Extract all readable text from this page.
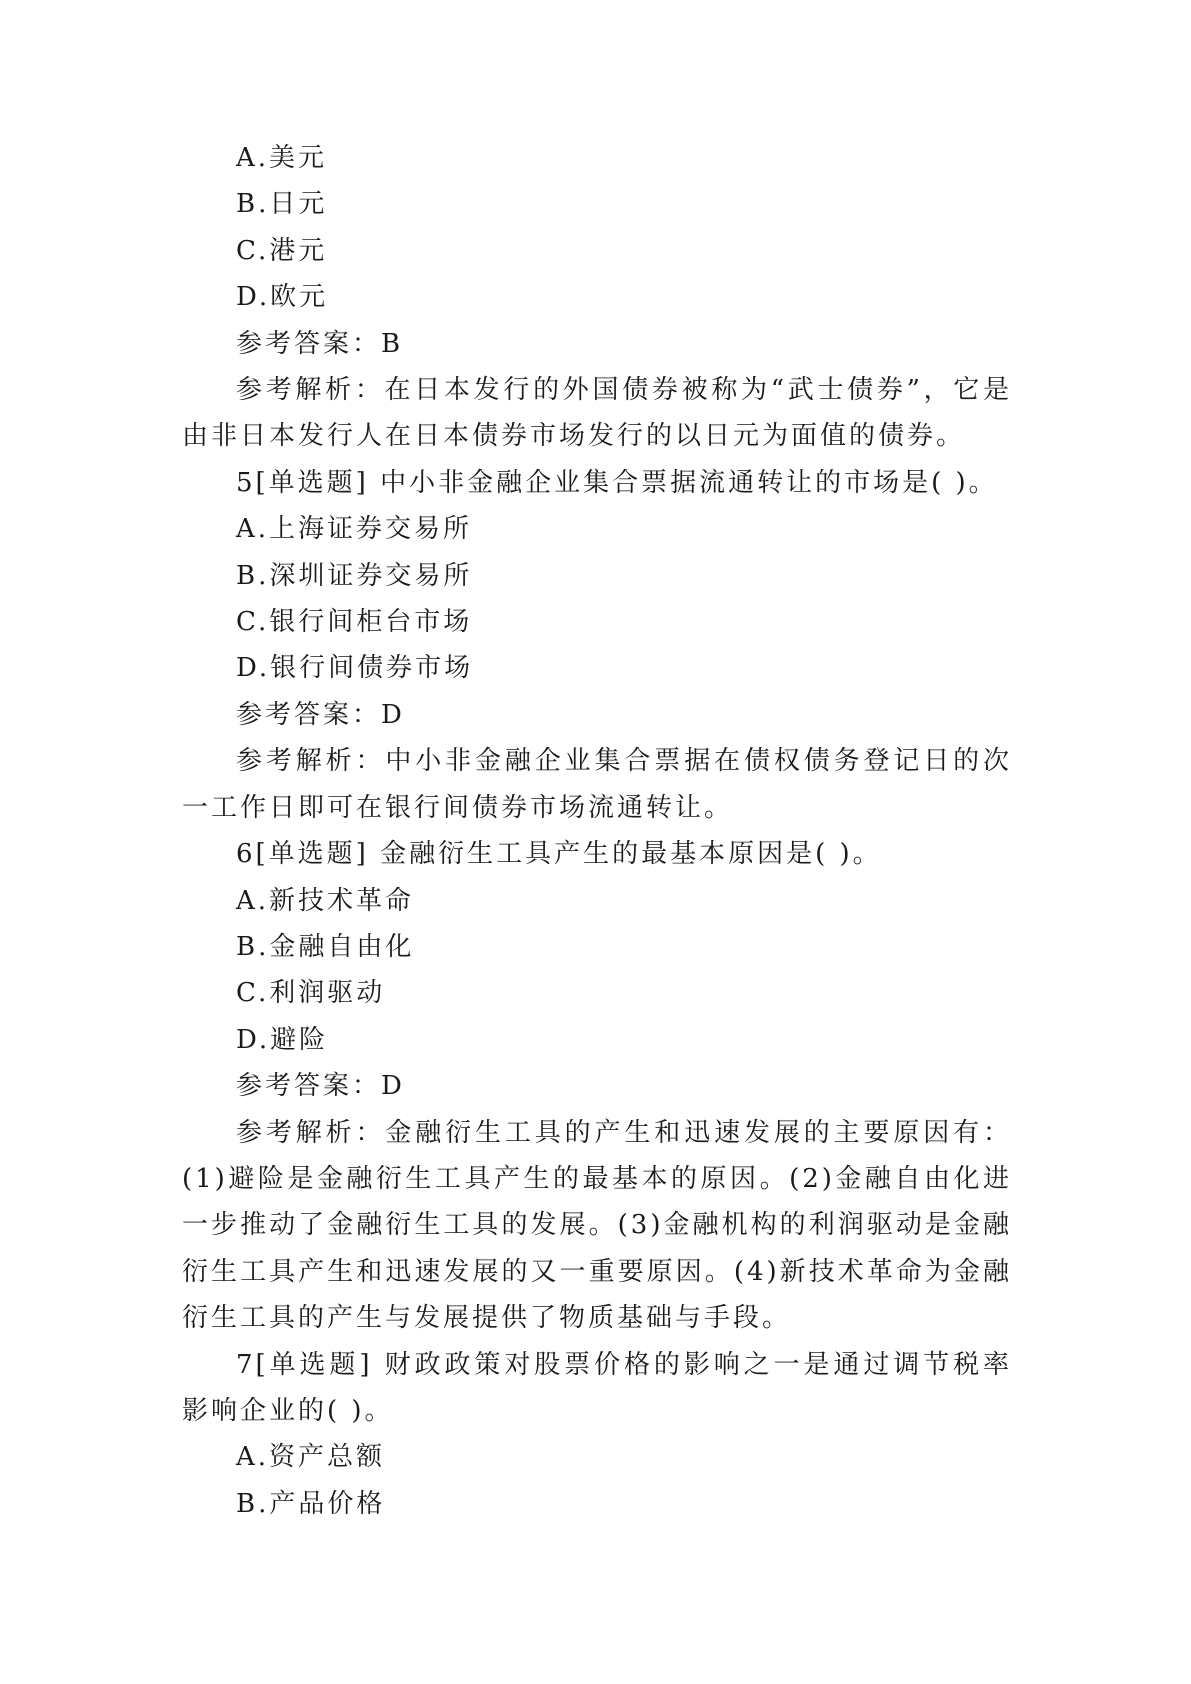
A.美元

B.日元

C.港元

D.欧元

参考答案：B

参考解析：在日本发行的外国债券被称为“武士债券”，它是由非日本发行人在日本债券市场发行的以日元为面值的债券。

5[单选题] 中小非金融企业集合票据流通转让的市场是( )。

A.上海证券交易所

B.深圳证券交易所

C.银行间柜台市场

D.银行间债券市场

参考答案：D

参考解析：中小非金融企业集合票据在债权债务登记日的次一工作日即可在银行间债券市场流通转让。

6[单选题] 金融衍生工具产生的最基本原因是( )。

A.新技术革命

B.金融自由化

C.利润驱动

D.避险

参考答案：D

参考解析：金融衍生工具的产生和迅速发展的主要原因有：(1)避险是金融衍生工具产生的最基本的原因。(2)金融自由化进一步推动了金融衍生工具的发展。(3)金融机构的利润驱动是金融衍生工具产生和迅速发展的又一重要原因。(4)新技术革命为金融衍生工具的产生与发展提供了物质基础与手段。

7[单选题] 财政政策对股票价格的影响之一是通过调节税率影响企业的( )。

A.资产总额

B.产品价格
